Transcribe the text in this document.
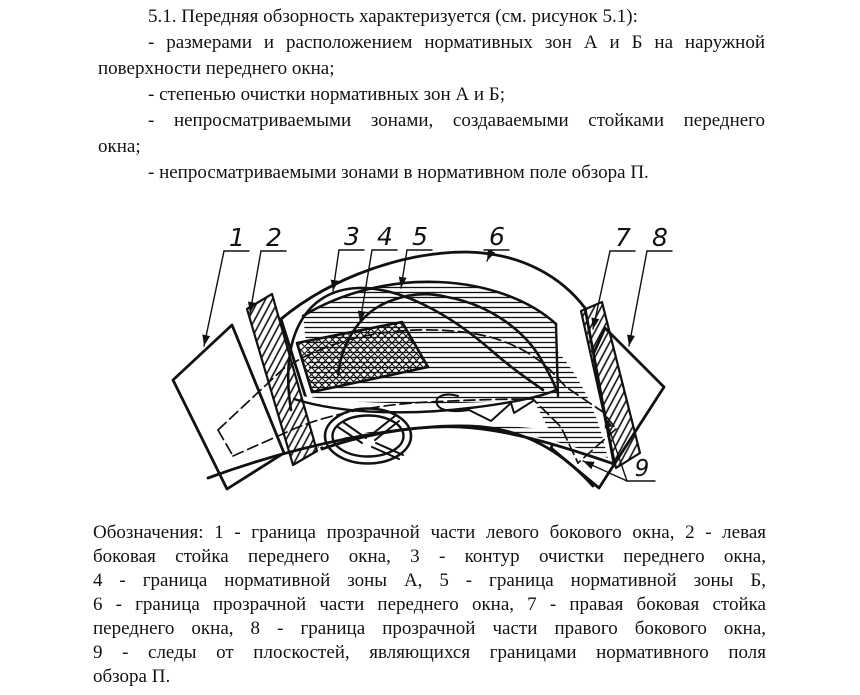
5.1. Передняя обзорность характеризуется (см. рисунок 5.1):
- размерами и расположением нормативных зон А и Б на наружной
поверхности переднего окна;
- степенью очистки нормативных зон А и Б;
- непросматриваемыми зонами, создаваемыми стойками переднего
окна;
- непросматриваемыми зонами в нормативном поле обзора П.
1 2 3 4 5 6	7 8
9
Обозначения: 1 - граница прозрачной части левого бокового окна, 2 - левая
боковая стойка переднего окна, 3 - контур очистки переднего окна,
4 - граница нормативной зоны А, 5 - граница нормативной зоны Б,
6 - граница прозрачной части переднего окна, 7 - правая боковая стойка
переднего окна, 8 - граница прозрачной части правого бокового окна,
9 - следы от плоскостей, являющихся границами нормативного поля
обзора П.
